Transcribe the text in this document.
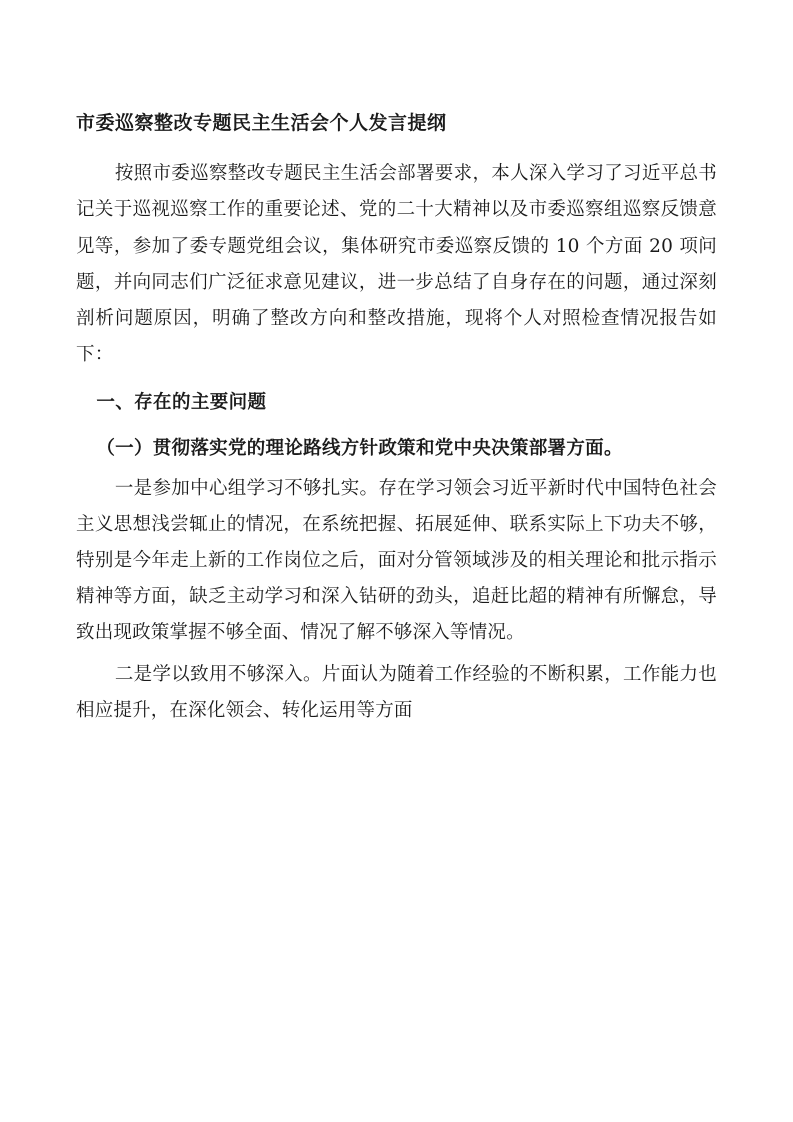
市委巡察整改专题民主生活会个人发言提纲

按照市委巡察整改专题民主生活会部署要求，本人深入学习了习近平总书记关于巡视巡察工作的重要论述、党的二十大精神以及市委巡察组巡察反馈意见等，参加了委专题党组会议，集体研究市委巡察反馈的 10 个方面 20 项问题，并向同志们广泛征求意见建议，进一步总结了自身存在的问题，通过深刻剖析问题原因，明确了整改方向和整改措施，现将个人对照检查情况报告如下：

一、存在的主要问题
（一）贯彻落实党的理论路线方针政策和党中央决策部署方面。

一是参加中心组学习不够扎实。存在学习领会习近平新时代中国特色社会主义思想浅尝辄止的情况，在系统把握、拓展延伸、联系实际上下功夫不够，特别是今年走上新的工作岗位之后，面对分管领域涉及的相关理论和批示指示精神等方面，缺乏主动学习和深入钻研的劲头，追赶比超的精神有所懈怠，导致出现政策掌握不够全面、情况了解不够深入等情况。

二是学以致用不够深入。片面认为随着工作经验的不断积累，工作能力也相应提升，在深化领会、转化运用等方面
